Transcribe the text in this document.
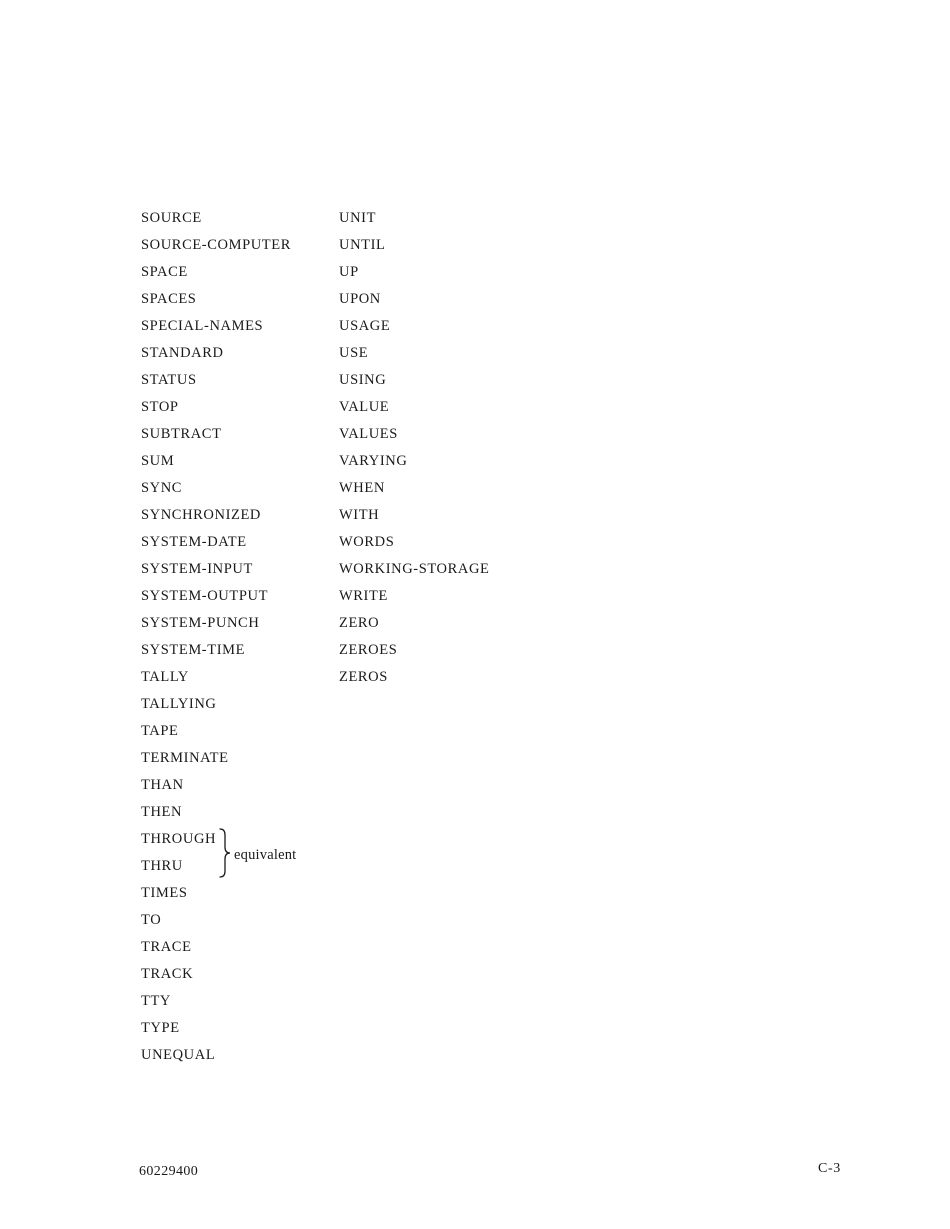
SOURCE
SOURCE-COMPUTER
SPACE
SPACES
SPECIAL-NAMES
STANDARD
STATUS
STOP
SUBTRACT
SUM
SYNC
SYNCHRONIZED
SYSTEM-DATE
SYSTEM-INPUT
SYSTEM-OUTPUT
SYSTEM-PUNCH
SYSTEM-TIME
TALLY
TALLYING
TAPE
TERMINATE
THAN
THEN
THROUGH
THRU
TIMES
TO
TRACE
TRACK
TTY
TYPE
UNEQUAL
UNIT
UNTIL
UP
UPON
USAGE
USE
USING
VALUE
VALUES
VARYING
WHEN
WITH
WORDS
WORKING-STORAGE
WRITE
ZERO
ZEROES
ZEROS
equivalent
60229400	C-3
